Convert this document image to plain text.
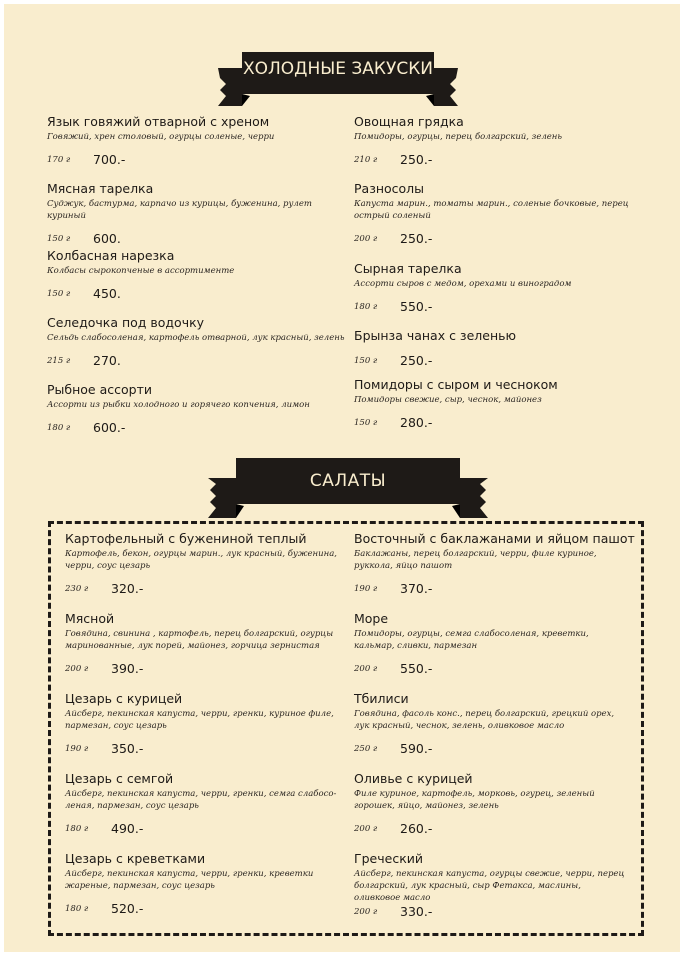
ХОЛОДНЫЕ ЗАКУСКИ
Язык говяжий отварной с хреном
Говяжий, хрен столовый, огурцы соленые, черри
170 г 700.-
Мясная тарелка
Суджук, бастурма, карпачо из курицы, буженина, рулет куриный
150 г 600.
Колбасная нарезка
Колбасы сырокопченые в ассортименте
150 г 450.
Селедочка под водочку
Сельдь слабосоленая, картофель отварной, лук красный, зелень
215 г 270.
Рыбное ассорти
Ассорти из рыбки холодного и горячего копчения, лимон
180 г 600.-
Овощная грядка
Помидоры, огурцы, перец болгарский, зелень
210 г 250.-
Разносолы
Капуста марин., томаты марин., соленые бочковые, перец острый соленый
200 г 250.-
Сырная тарелка
Ассорти сыров с медом, орехами и виноградом
180 г 550.-
Брынза чанах с зеленью
150 г 250.-
Помидоры с сыром и чесноком
Помидоры свежие, сыр, чеснок, майонез
150 г 280.-
САЛАТЫ
Картофельный с бужениной теплый
Картофель, бекон, огурцы марин., лук красный, буженина, черри, соус цезарь
230 г 320.-
Мясной
Говядина, свинина , картофель, перец болгарский, огурцы маринованные, лук порей, майонез, горчица зернистая
200 г 390.-
Цезарь с курицей
Айсберг, пекинская капуста, черри, гренки, куриное филе, пармезан, соус цезарь
190 г 350.-
Цезарь с семгой
Айсберг, пекинская капуста, черри, гренки, семга слабосо-леная, пармезан, соус цезарь
180 г 490.-
Цезарь с креветками
Айсберг, пекинская капуста, черри, гренки, креветки жареные, пармезан, соус цезарь
180 г 520.-
Восточный с баклажанами и яйцом пашот
Баклажаны, перец болгарский, черри, филе куриное, руккола, яйцо пашот
190 г 370.-
Море
Помидоры, огурцы, семга слабосоленая, креветки, кальмар, сливки, пармезан
200 г 550.-
Тбилиси
Говядина, фасоль конс., перец болгарский, грецкий орех, лук красный, чеснок, зелень, оливковое масло
250 г 590.-
Оливье с курицей
Филе куриное, картофель, морковь, огурец, зеленый горошек, яйцо, майонез, зелень
200 г 260.-
Греческий
Айсберг, пекинская капуста, огурцы свежие, черри, перец болгарский, лук красный, сыр Фетакса, маслины, оливковое масло
200 г 330.-
